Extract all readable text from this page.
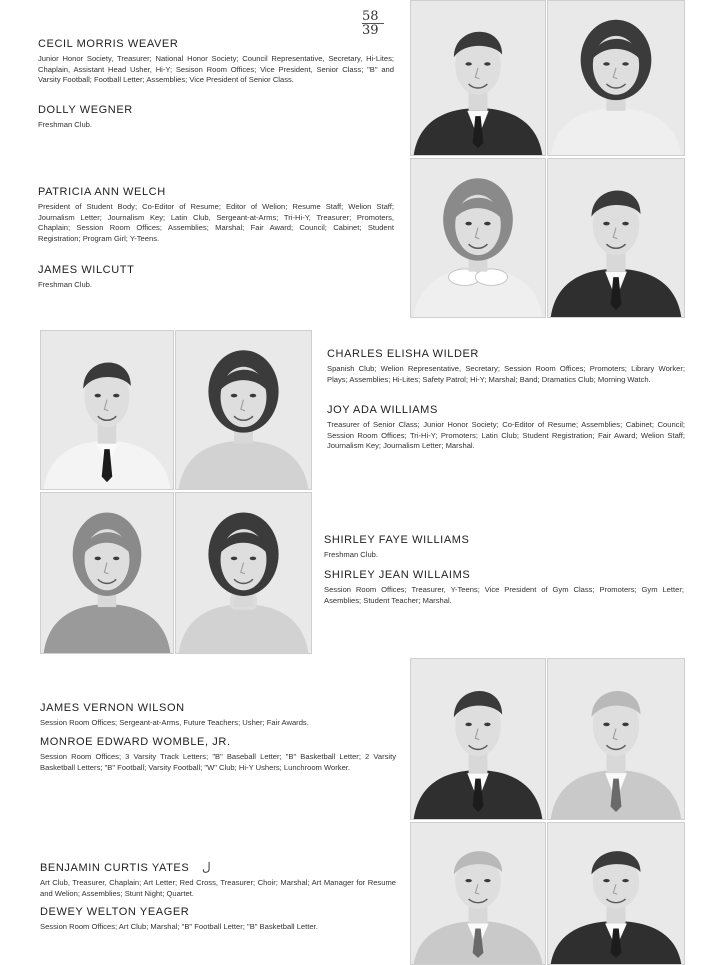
58
39

CECIL MORRIS WEAVER

Junior Honor Society, Treasurer; National Honor Society; Council Representative, Secretary, Hi-Lites; Chaplain, Assistant Head Usher, Hi-Y; Sesison Room Offices; Vice President, Senior Class; "B" and Varsity Football; Football Letter; Assemblies; Vice President of Senior Class.

DOLLY WEGNER

Freshman Club.

PATRICIA ANN WELCH

President of Student Body; Co-Editor of Resume; Editor of Welion; Resume Staff; Welion Staff; Journalism Letter; Journalism Key; Latin Club, Sergeant-at-Arms; Tri-Hi-Y, Treasurer; Promoters, Chaplain; Session Room Offices; Assemblies; Marshal; Fair Award; Council; Cabinet; Student Registration; Program Girl; Y-Teens.

JAMES WILCUTT

Freshman Club.

CHARLES ELISHA WILDER

Spanish Club; Welion Representative, Secretary; Session Room Offices; Promoters; Library Worker; Plays; Assemblies; Hi-Lites; Safety Patrol; Hi-Y; Marshal; Band; Dramatics Club; Morning Watch.

JOY ADA WILLIAMS

Treasurer of Senior Class; Junior Honor Society; Co-Editor of Resume; Assemblies; Cabinet; Council; Session Room Offices; Tri-Hi-Y; Promoters; Latin Club; Student Registration; Fair Award; Welion Staff; Journalism Key; Journalism Letter; Marshal.

SHIRLEY FAYE WILLIAMS

Freshman Club.

SHIRLEY JEAN WILLAIMS

Session Room Offices; Treasurer, Y-Teens; Vice President of Gym Class; Promoters; Gym Letter; Asemblies; Student Teacher; Marshal.

JAMES VERNON WILSON

Session Room Offices; Sergeant-at-Arms, Future Teachers; Usher; Fair Awards.

MONROE EDWARD WOMBLE, JR.

Session Room Offices; 3 Varsity Track Letters; "B" Baseball Letter; "B" Basketball Letter; 2 Varsity Basketball Letters; "B" Football; Varsity Football; "W" Club; Hi-Y Ushers; Lunchroom Worker.

BENJAMIN CURTIS YATES

Art Club, Treasurer, Chaplain; Art Letter; Red Cross, Treasurer; Choir; Marshal; Art Manager for Resume and Welion; Assemblies; Stunt Night; Quartet.

DEWEY WELTON YEAGER

Session Room Offices; Art Club; Marshal; "B" Football Letter; "B" Basketball Letter.

ل
